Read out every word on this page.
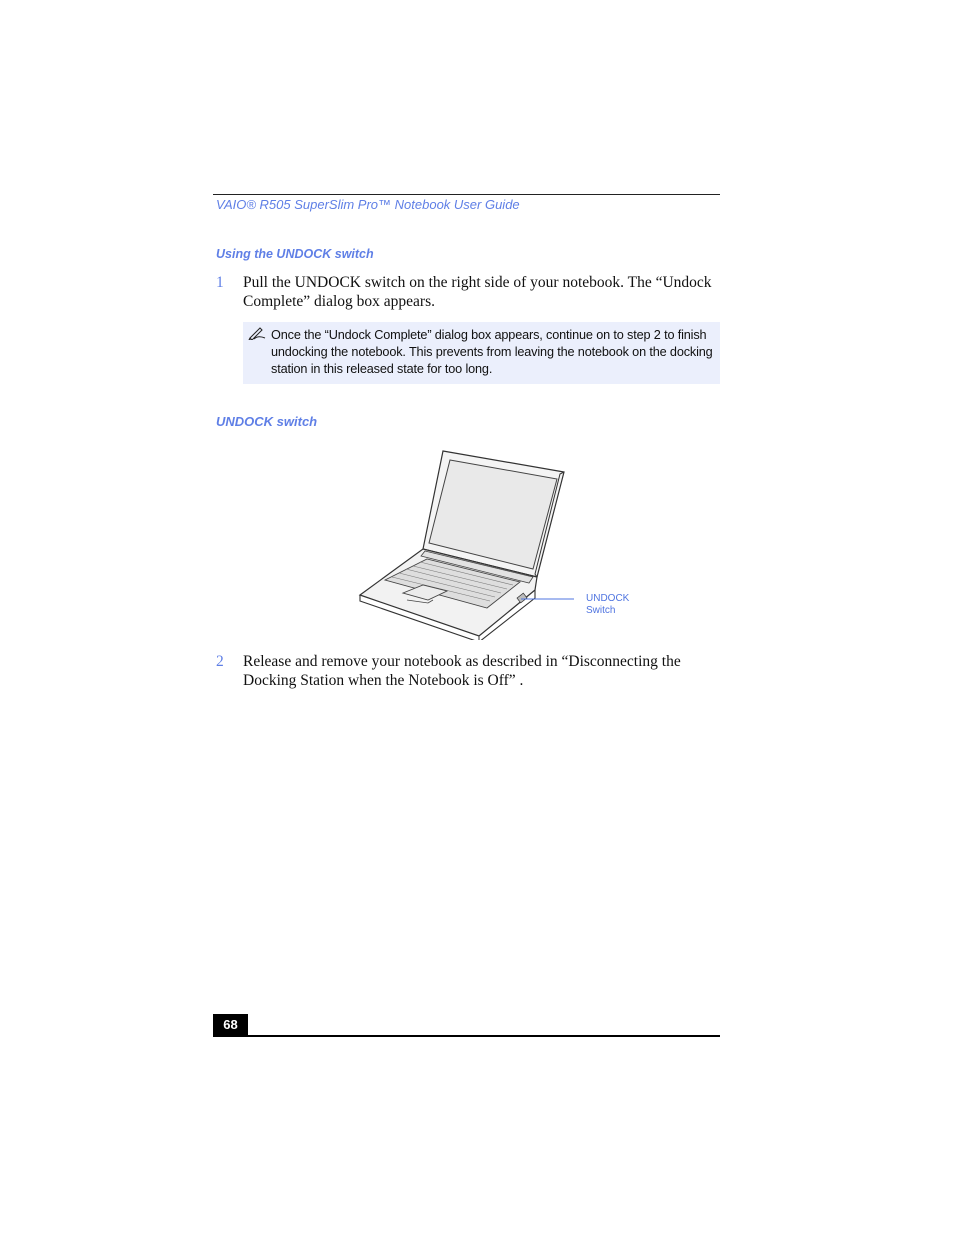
VAIO® R505 SuperSlim Pro™ Notebook User Guide
Using the UNDOCK switch
1 Pull the UNDOCK switch on the right side of your notebook. The “Undock Complete” dialog box appears.
Once the “Undock Complete” dialog box appears, continue on to step 2 to finish undocking the notebook. This prevents from leaving the notebook on the docking station in this released state for too long.
UNDOCK switch
UNDOCK
Switch
2 Release and remove your notebook as described in “Disconnecting the Docking Station when the Notebook is Off” .
68
